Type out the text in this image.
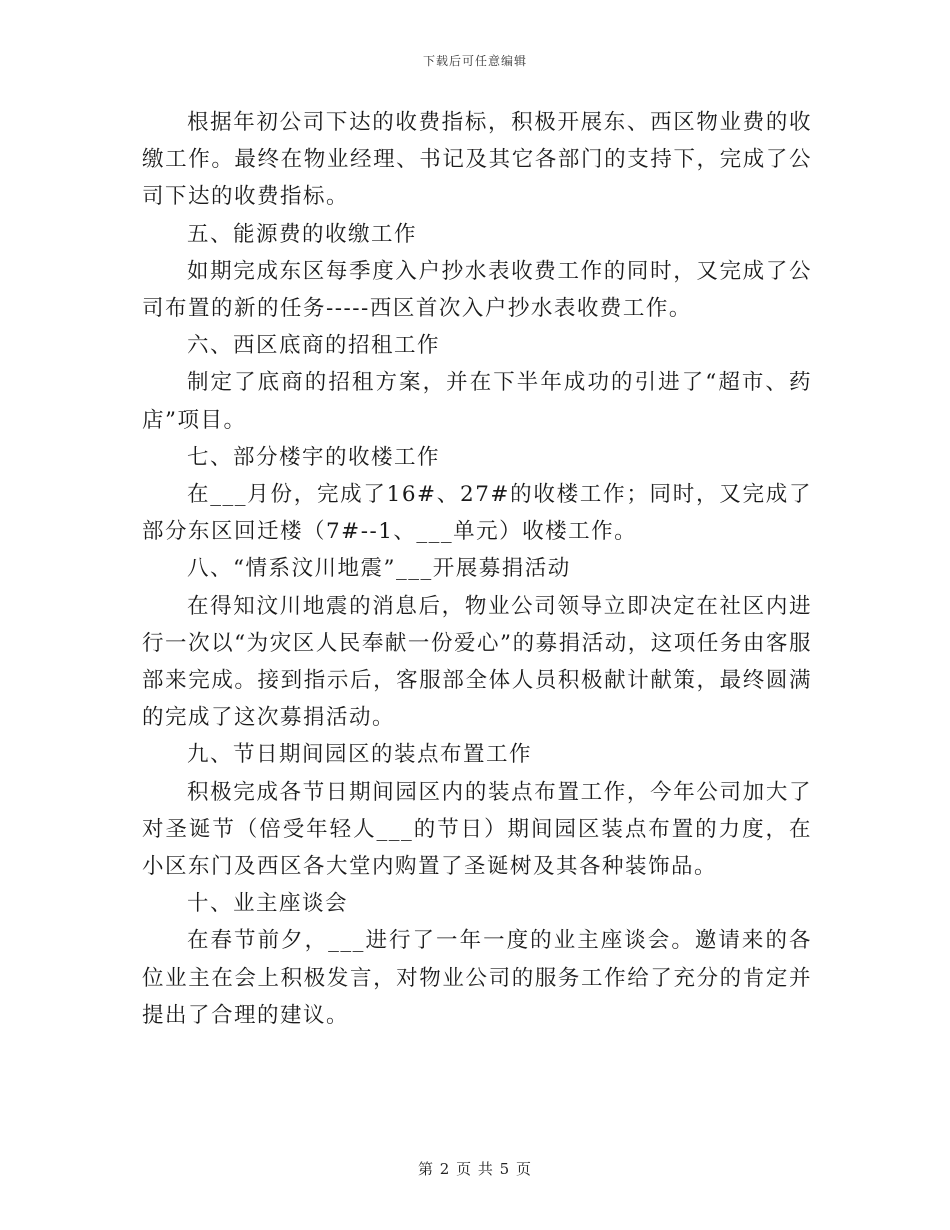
下载后可任意编辑

根据年初公司下达的收费指标，积极开展东、西区物业费的收缴工作。最终在物业经理、书记及其它各部门的支持下，完成了公司下达的收费指标。

五、能源费的收缴工作

如期完成东区每季度入户抄水表收费工作的同时，又完成了公司布置的新的任务-----西区首次入户抄水表收费工作。

六、西区底商的招租工作

制定了底商的招租方案，并在下半年成功的引进了“超市、药店”项目。

七、部分楼宇的收楼工作

在___月份，完成了16#、27#的收楼工作；同时，又完成了部分东区回迁楼（7#--1、___单元）收楼工作。

八、“情系汶川地震”___开展募捐活动

在得知汶川地震的消息后，物业公司领导立即决定在社区内进行一次以“为灾区人民奉献一份爱心”的募捐活动，这项任务由客服部来完成。接到指示后，客服部全体人员积极献计献策，最终圆满的完成了这次募捐活动。

九、节日期间园区的装点布置工作

积极完成各节日期间园区内的装点布置工作，今年公司加大了对圣诞节（倍受年轻人___的节日）期间园区装点布置的力度，在小区东门及西区各大堂内购置了圣诞树及其各种装饰品。

十、业主座谈会

在春节前夕，___进行了一年一度的业主座谈会。邀请来的各位业主在会上积极发言，对物业公司的服务工作给了充分的肯定并提出了合理的建议。

第 2 页 共 5 页
